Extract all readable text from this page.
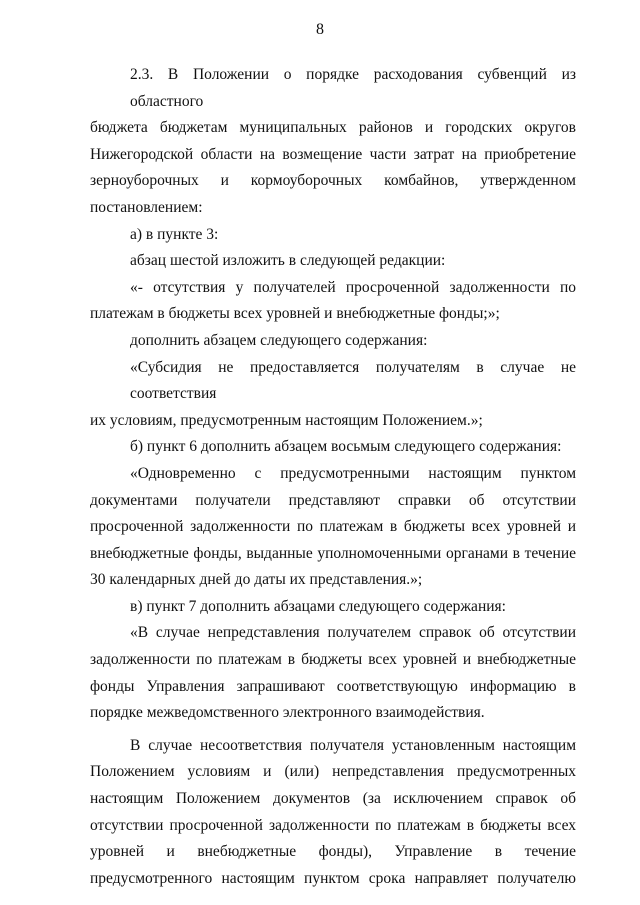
8
2.3. В Положении о порядке расходования субвенций из областного
бюджета бюджетам муниципальных районов и городских округов
Нижегородской области на возмещение части затрат на приобретение
зерноуборочных и кормоуборочных комбайнов, утвержденном
постановлением:
а) в пункте 3:
абзац шестой изложить в следующей редакции:
«- отсутствия у получателей просроченной задолженности по
платежам в бюджеты всех уровней и внебюджетные фонды;»;
дополнить абзацем следующего содержания:
«Субсидия не предоставляется получателям в случае не соответствия
их условиям, предусмотренным настоящим Положением.»;
б) пункт 6 дополнить абзацем восьмым следующего содержания:
«Одновременно с предусмотренными настоящим пунктом
документами получатели представляют справки об отсутствии
просроченной задолженности по платежам в бюджеты всех уровней и
внебюджетные фонды, выданные уполномоченными органами в течение
30 календарных дней до даты их представления.»;
в) пункт 7 дополнить абзацами следующего содержания:
«В случае непредставления получателем справок об отсутствии
задолженности по платежам в бюджеты всех уровней и внебюджетные
фонды Управления запрашивают соответствующую информацию в
порядке межведомственного электронного взаимодействия.
В случае несоответствия получателя установленным настоящим
Положением условиям и (или) непредставления предусмотренных
настоящим Положением документов (за исключением справок об
отсутствии просроченной задолженности по платежам в бюджеты всех
уровней и внебюджетные фонды), Управление в течение
предусмотренного настоящим пунктом срока направляет получателю
